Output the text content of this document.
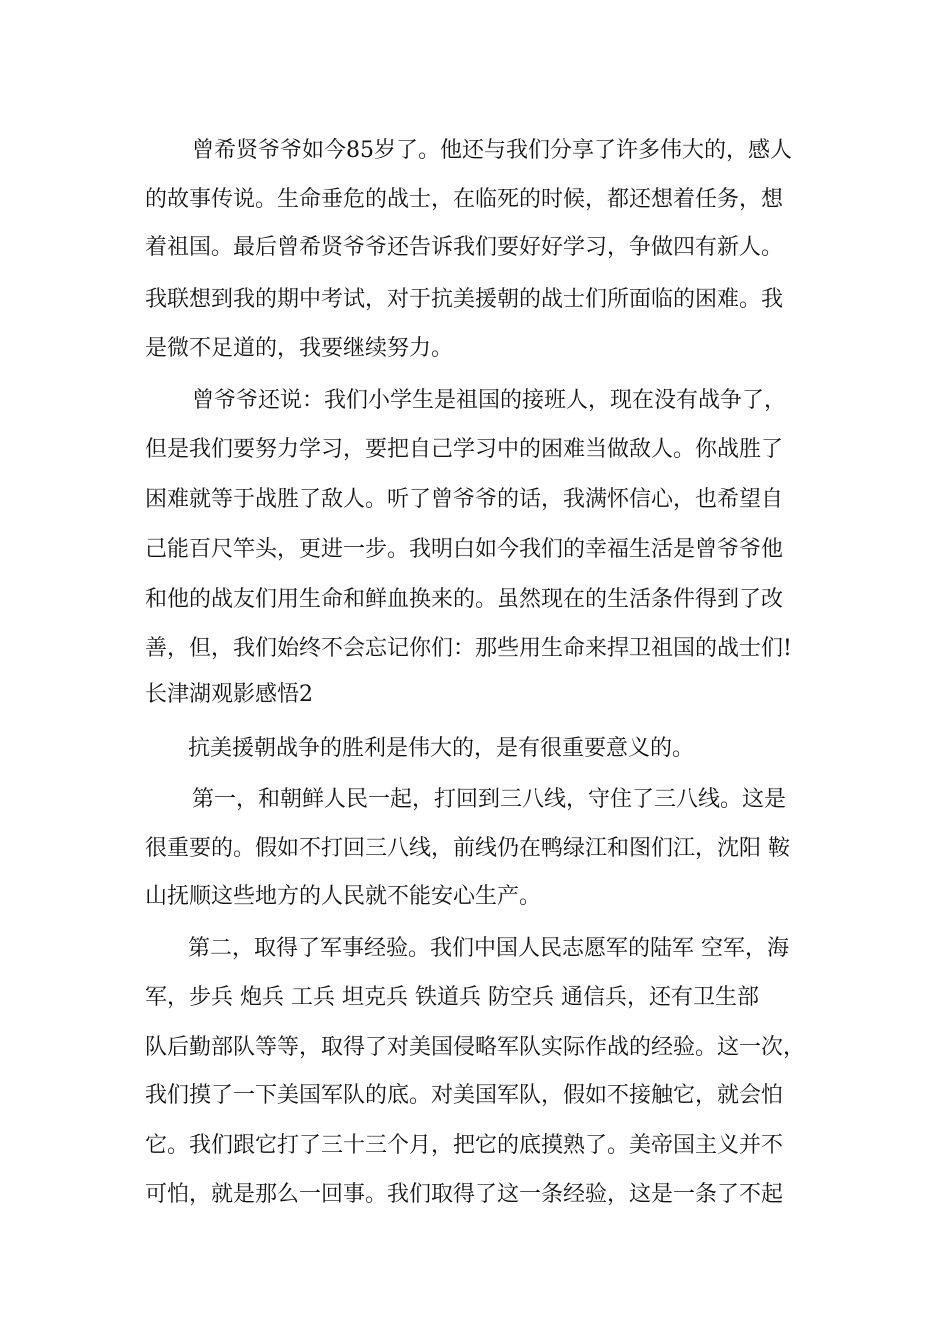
曾希贤爷爷如今85岁了。他还与我们分享了许多伟大的，感人
的故事传说。生命垂危的战士，在临死的时候，都还想着任务，想
着祖国。最后曾希贤爷爷还告诉我们要好好学习，争做四有新人。
我联想到我的期中考试，对于抗美援朝的战士们所面临的困难。我
是微不足道的，我要继续努力。
曾爷爷还说：我们小学生是祖国的接班人，现在没有战争了，
但是我们要努力学习，要把自己学习中的困难当做敌人。你战胜了
困难就等于战胜了敌人。听了曾爷爷的话，我满怀信心，也希望自
己能百尺竿头，更进一步。我明白如今我们的幸福生活是曾爷爷他
和他的战友们用生命和鲜血换来的。虽然现在的生活条件得到了改
善，但，我们始终不会忘记你们：那些用生命来捍卫祖国的战士们!
长津湖观影感悟2
抗美援朝战争的胜利是伟大的，是有很重要意义的。
第一，和朝鲜人民一起，打回到三八线，守住了三八线。这是
很重要的。假如不打回三八线，前线仍在鸭绿江和图们江，沈阳 鞍
山抚顺这些地方的人民就不能安心生产。
第二，取得了军事经验。我们中国人民志愿军的陆军 空军，海
军，步兵 炮兵 工兵 坦克兵 铁道兵 防空兵 通信兵，还有卫生部
队后勤部队等等，取得了对美国侵略军队实际作战的经验。这一次，
我们摸了一下美国军队的底。对美国军队，假如不接触它，就会怕
它。我们跟它打了三十三个月，把它的底摸熟了。美帝国主义并不
可怕，就是那么一回事。我们取得了这一条经验，这是一条了不起
